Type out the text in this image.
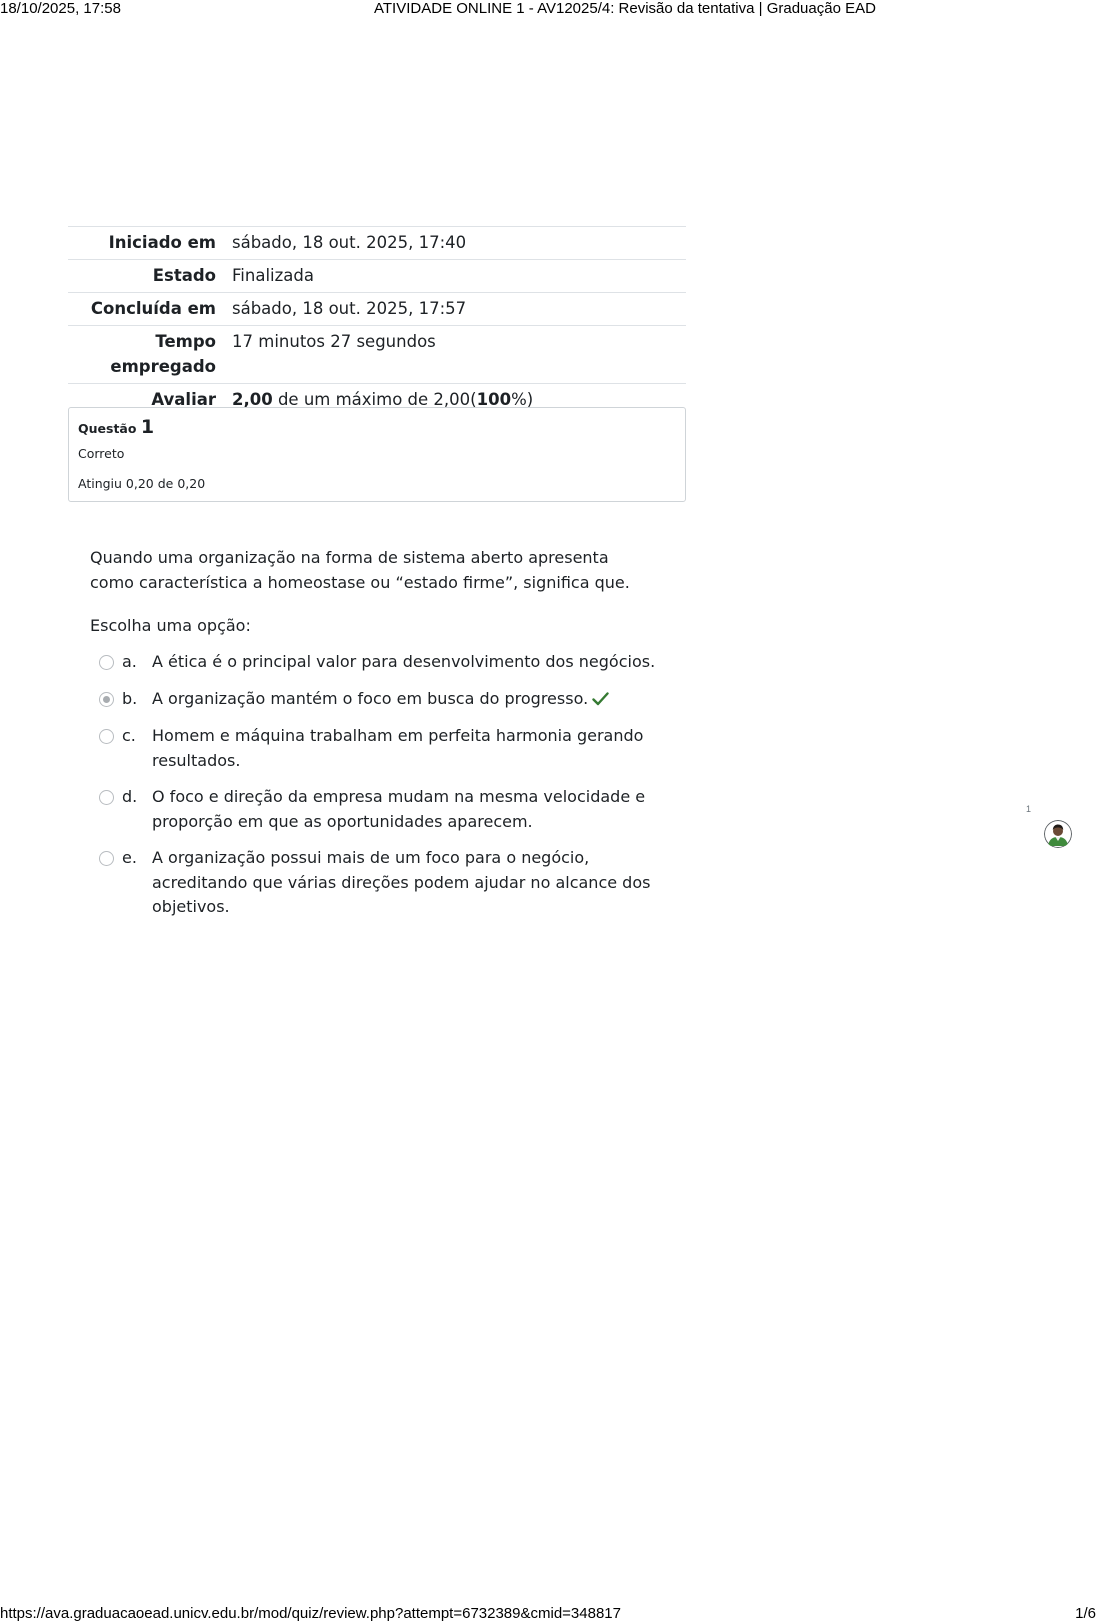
18/10/2025, 17:58	ATIVIDADE ONLINE 1 - AV12025/4: Revisão da tentativa | Graduação EAD
Iniciado em	sábado, 18 out. 2025, 17:40
Estado	Finalizada
Concluída em	sábado, 18 out. 2025, 17:57
Tempo empregado	17 minutos 27 segundos
Avaliar	2,00 de um máximo de 2,00(100%)
Questão 1
Correto
Atingiu 0,20 de 0,20
Quando uma organização na forma de sistema aberto apresenta como característica a homeostase ou “estado firme”, significa que.
Escolha uma opção:
a. A ética é o principal valor para desenvolvimento dos negócios.
b. A organização mantém o foco em busca do progresso.
c.	Homem e máquina trabalham em perfeita harmonia gerando resultados.
d. O foco e direção da empresa mudam na mesma velocidade e proporção em que as oportunidades aparecem.
e. A organização possui mais de um foco para o negócio, acreditando que várias direções podem ajudar no alcance dos objetivos.
1
https://ava.graduacaoead.unicv.edu.br/mod/quiz/review.php?attempt=6732389&cmid=348817	1/6
